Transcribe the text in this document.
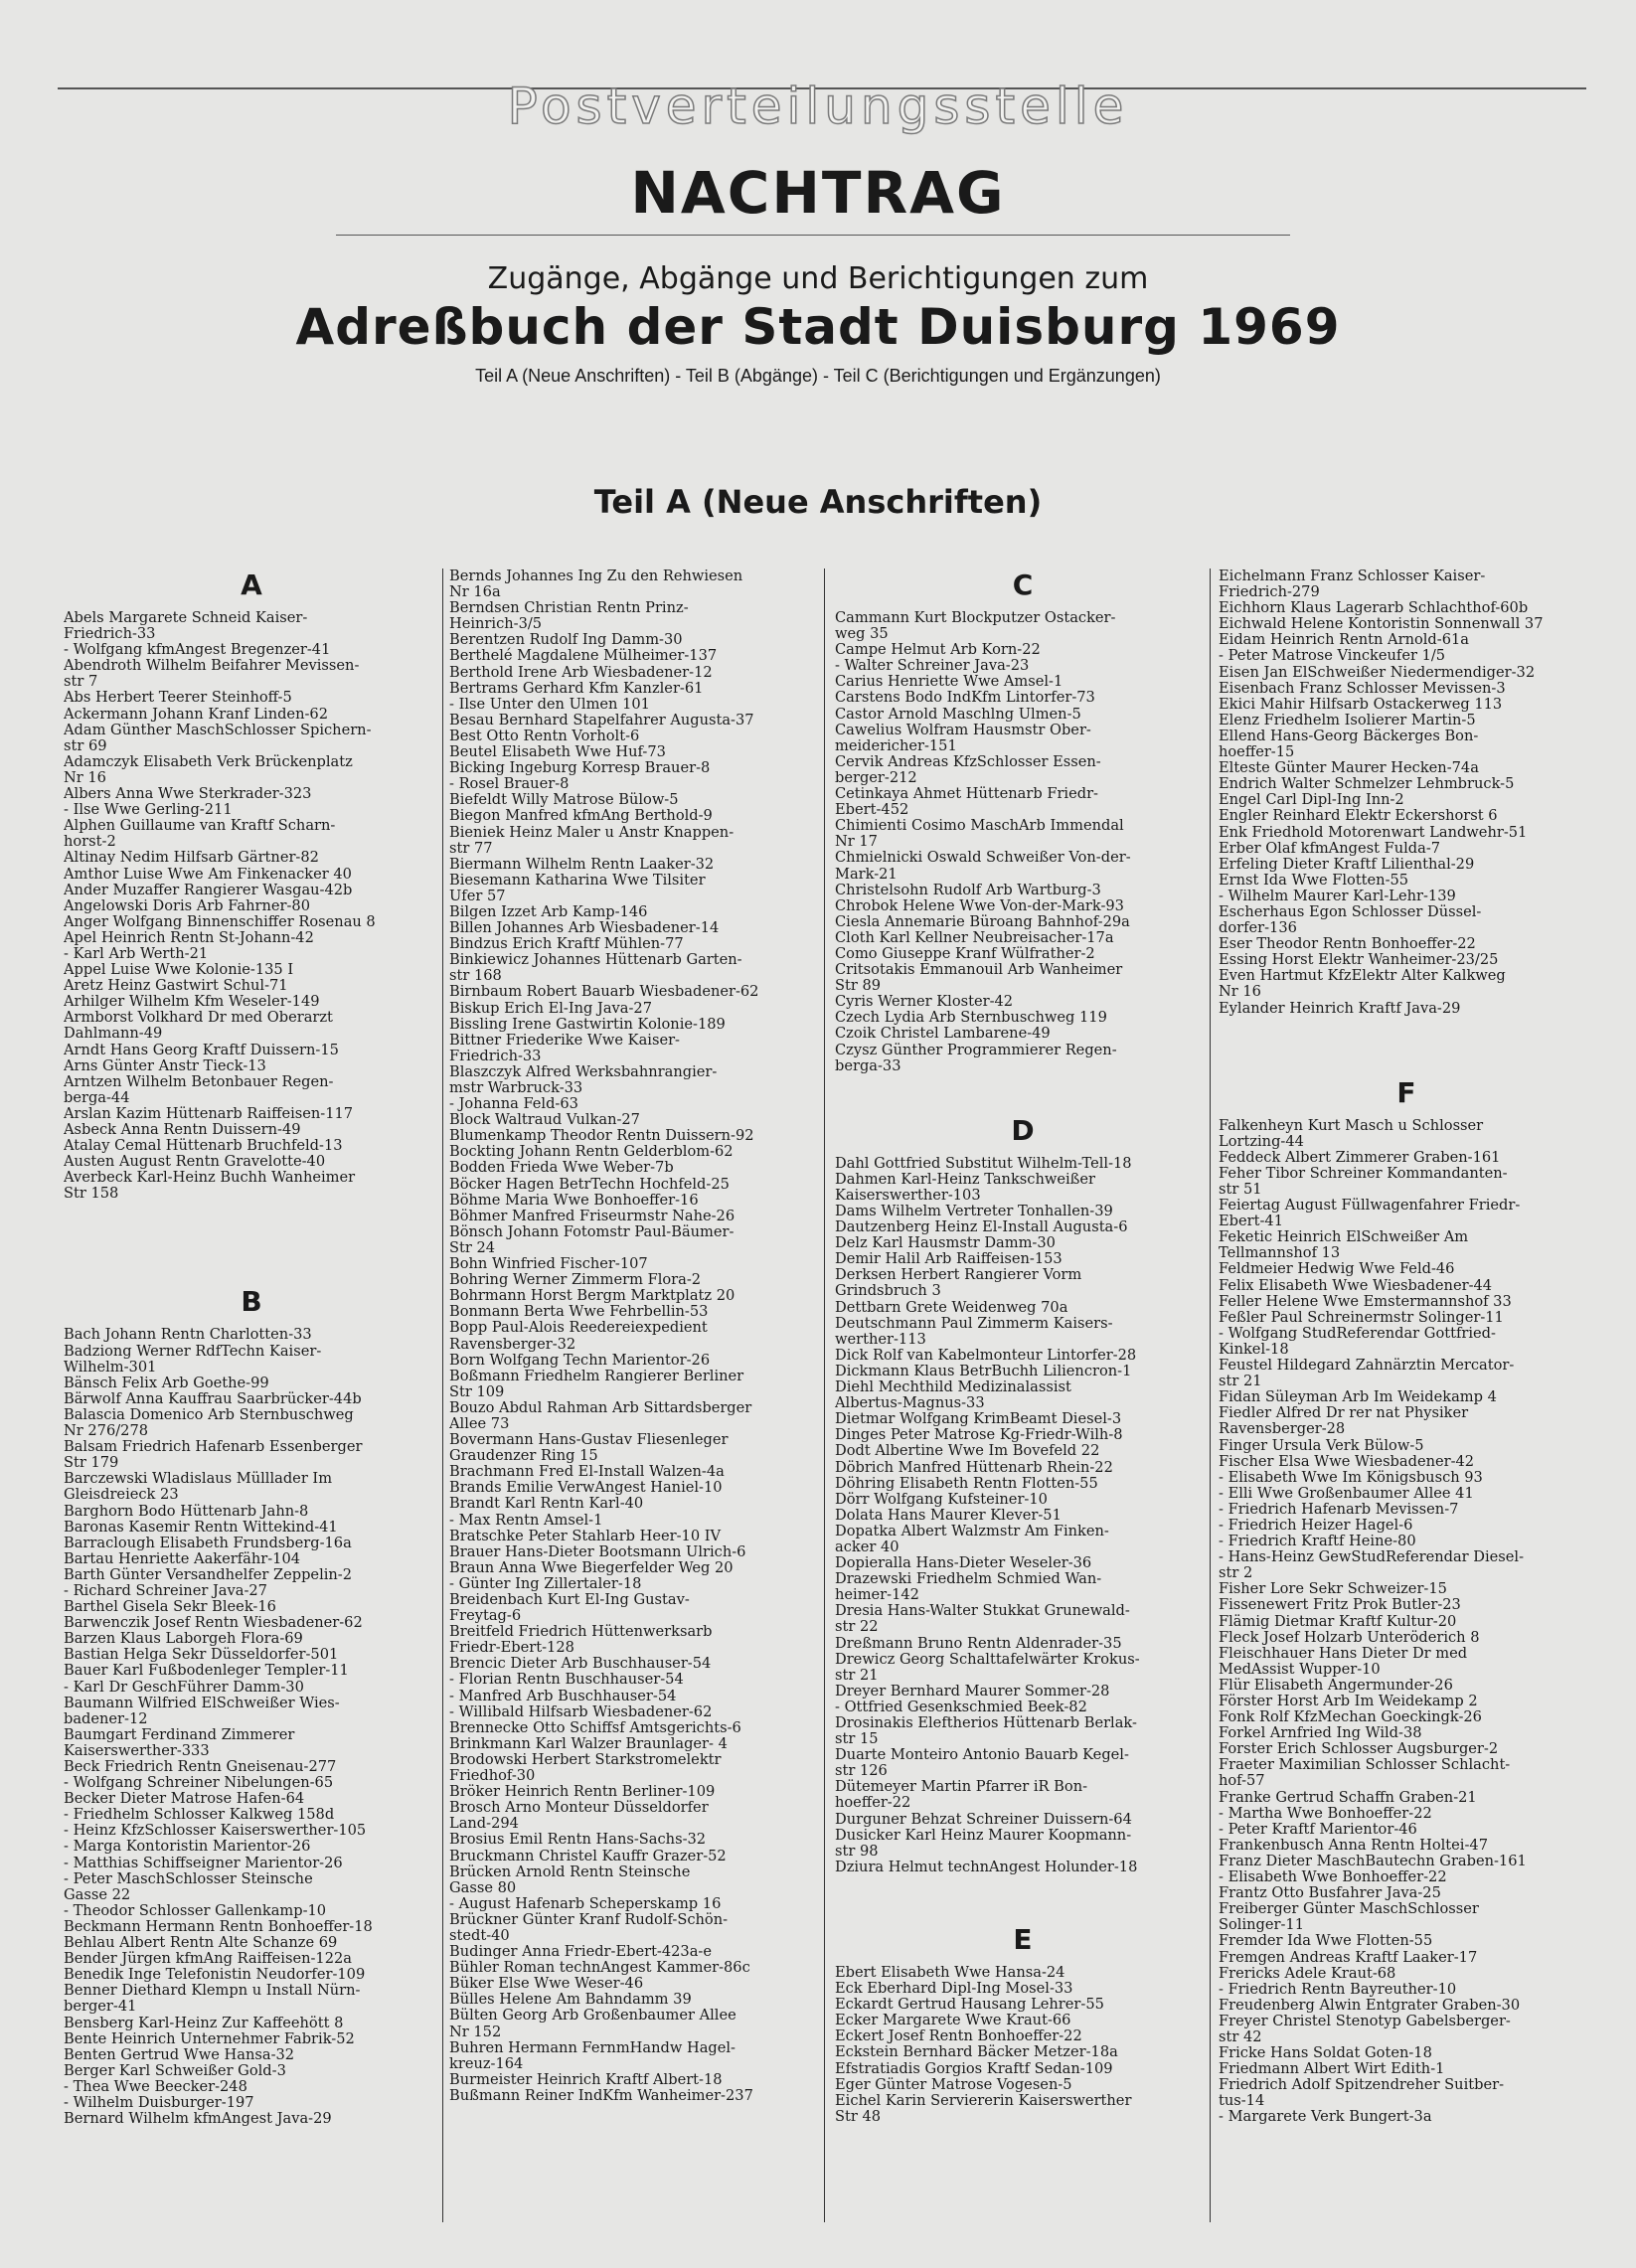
Postverteilungsstelle
NACHTRAG
Zugänge, Abgänge und Berichtigungen zum
Adreßbuch der Stadt Duisburg 1969
Teil A (Neue Anschriften) - Teil B (Abgänge) - Teil C (Berichtigungen und Ergänzungen)
Teil A (Neue Anschriften)
A
Abels Margarete Schneid Kaiser-
Friedrich-33
- Wolfgang kfmAngest Bregenzer-41
Abendroth Wilhelm Beifahrer Mevissen-
str 7
Abs Herbert Teerer Steinhoff-5
Ackermann Johann Kranf Linden-62
Adam Günther MaschSchlosser Spichern-
str 69
Adamczyk Elisabeth Verk Brückenplatz
Nr 16
Albers Anna Wwe Sterkrader-323
- Ilse Wwe Gerling-211
Alphen Guillaume van Kraftf Scharn-
horst-2
Altinay Nedim Hilfsarb Gärtner-82
Amthor Luise Wwe Am Finkenacker 40
Ander Muzaffer Rangierer Wasgau-42b
Angelowski Doris Arb Fahrner-80
Anger Wolfgang Binnenschiffer Rosenau 8
Apel Heinrich Rentn St-Johann-42
- Karl Arb Werth-21
Appel Luise Wwe Kolonie-135 I
Aretz Heinz Gastwirt Schul-71
Arhilger Wilhelm Kfm Weseler-149
Armborst Volkhard Dr med Oberarzt
Dahlmann-49
Arndt Hans Georg Kraftf Duissern-15
Arns Günter Anstr Tieck-13
Arntzen Wilhelm Betonbauer Regen-
berga-44
Arslan Kazim Hüttenarb Raiffeisen-117
Asbeck Anna Rentn Duissern-49
Atalay Cemal Hüttenarb Bruchfeld-13
Austen August Rentn Gravelotte-40
Averbeck Karl-Heinz Buchh Wanheimer
Str 158
B
Bach Johann Rentn Charlotten-33
Badziong Werner RdfTechn Kaiser-
Wilhelm-301
Bänsch Felix Arb Goethe-99
Bärwolf Anna Kauffrau Saarbrücker-44b
Balascia Domenico Arb Sternbuschweg
Nr 276/278
Balsam Friedrich Hafenarb Essenberger
Str 179
Barczewski Wladislaus Mülllader Im
Gleisdreieck 23
Barghorn Bodo Hüttenarb Jahn-8
Baronas Kasemir Rentn Wittekind-41
Barraclough Elisabeth Frundsberg-16a
Bartau Henriette Aakerfähr-104
Barth Günter Versandhelfer Zeppelin-2
- Richard Schreiner Java-27
Barthel Gisela Sekr Bleek-16
Barwenczik Josef Rentn Wiesbadener-62
Barzen Klaus Laborgeh Flora-69
Bastian Helga Sekr Düsseldorfer-501
Bauer Karl Fußbodenleger Templer-11
- Karl Dr GeschFührer Damm-30
Baumann Wilfried ElSchweißer Wies-
badener-12
Baumgart Ferdinand Zimmerer
Kaiserswerther-333
Beck Friedrich Rentn Gneisenau-277
- Wolfgang Schreiner Nibelungen-65
Becker Dieter Matrose Hafen-64
- Friedhelm Schlosser Kalkweg 158d
- Heinz KfzSchlosser Kaiserswerther-105
- Marga Kontoristin Marientor-26
- Matthias Schiffseigner Marientor-26
- Peter MaschSchlosser Steinsche
Gasse 22
- Theodor Schlosser Gallenkamp-10
Beckmann Hermann Rentn Bonhoeffer-18
Behlau Albert Rentn Alte Schanze 69
Bender Jürgen kfmAng Raiffeisen-122a
Benedik Inge Telefonistin Neudorfer-109
Benner Diethard Klempn u Install Nürn-
berger-41
Bensberg Karl-Heinz Zur Kaffeehött 8
Bente Heinrich Unternehmer Fabrik-52
Benten Gertrud Wwe Hansa-32
Berger Karl Schweißer Gold-3
- Thea Wwe Beecker-248
- Wilhelm Duisburger-197
Bernard Wilhelm kfmAngest Java-29
Bernds Johannes Ing Zu den Rehwiesen
Nr 16a
Berndsen Christian Rentn Prinz-
Heinrich-3/5
Berentzen Rudolf Ing Damm-30
Berthelé Magdalene Mülheimer-137
Berthold Irene Arb Wiesbadener-12
Bertrams Gerhard Kfm Kanzler-61
- Ilse Unter den Ulmen 101
Besau Bernhard Stapelfahrer Augusta-37
Best Otto Rentn Vorholt-6
Beutel Elisabeth Wwe Huf-73
Bicking Ingeburg Korresp Brauer-8
- Rosel Brauer-8
Biefeldt Willy Matrose Bülow-5
Biegon Manfred kfmAng Berthold-9
Bieniek Heinz Maler u Anstr Knappen-
str 77
Biermann Wilhelm Rentn Laaker-32
Biesemann Katharina Wwe Tilsiter
Ufer 57
Bilgen Izzet Arb Kamp-146
Billen Johannes Arb Wiesbadener-14
Bindzus Erich Kraftf Mühlen-77
Binkiewicz Johannes Hüttenarb Garten-
str 168
Birnbaum Robert Bauarb Wiesbadener-62
Biskup Erich El-Ing Java-27
Bissling Irene Gastwirtin Kolonie-189
Bittner Friederike Wwe Kaiser-
Friedrich-33
Blaszczyk Alfred Werksbahnrangier-
mstr Warbruck-33
- Johanna Feld-63
Block Waltraud Vulkan-27
Blumenkamp Theodor Rentn Duissern-92
Bockting Johann Rentn Gelderblom-62
Bodden Frieda Wwe Weber-7b
Böcker Hagen BetrTechn Hochfeld-25
Böhme Maria Wwe Bonhoeffer-16
Böhmer Manfred Friseurmstr Nahe-26
Bönsch Johann Fotomstr Paul-Bäumer-
Str 24
Bohn Winfried Fischer-107
Bohring Werner Zimmerm Flora-2
Bohrmann Horst Bergm Marktplatz 20
Bonmann Berta Wwe Fehrbellin-53
Bopp Paul-Alois Reedereiexpedient
Ravensberger-32
Born Wolfgang Techn Marientor-26
Boßmann Friedhelm Rangierer Berliner
Str 109
Bouzo Abdul Rahman Arb Sittardsberger
Allee 73
Bovermann Hans-Gustav Fliesenleger
Graudenzer Ring 15
Brachmann Fred El-Install Walzen-4a
Brands Emilie VerwAngest Haniel-10
Brandt Karl Rentn Karl-40
- Max Rentn Amsel-1
Bratschke Peter Stahlarb Heer-10 IV
Brauer Hans-Dieter Bootsmann Ulrich-6
Braun Anna Wwe Biegerfelder Weg 20
- Günter Ing Zillertaler-18
Breidenbach Kurt El-Ing Gustav-
Freytag-6
Breitfeld Friedrich Hüttenwerksarb
Friedr-Ebert-128
Brencic Dieter Arb Buschhauser-54
- Florian Rentn Buschhauser-54
- Manfred Arb Buschhauser-54
- Willibald Hilfsarb Wiesbadener-62
Brennecke Otto Schiffsf Amtsgerichts-6
Brinkmann Karl Walzer Braunlager- 4
Brodowski Herbert Starkstromelektr
Friedhof-30
Bröker Heinrich Rentn Berliner-109
Brosch Arno Monteur Düsseldorfer
Land-294
Brosius Emil Rentn Hans-Sachs-32
Bruckmann Christel Kauffr Grazer-52
Brücken Arnold Rentn Steinsche
Gasse 80
- August Hafenarb Scheperskamp 16
Brückner Günter Kranf Rudolf-Schön-
stedt-40
Budinger Anna Friedr-Ebert-423a-e
Bühler Roman technAngest Kammer-86c
Büker Else Wwe Weser-46
Bülles Helene Am Bahndamm 39
Bülten Georg Arb Großenbaumer Allee
Nr 152
Buhren Hermann FernmHandw Hagel-
kreuz-164
Burmeister Heinrich Kraftf Albert-18
Bußmann Reiner IndKfm Wanheimer-237
C
Cammann Kurt Blockputzer Ostacker-
weg 35
Campe Helmut Arb Korn-22
- Walter Schreiner Java-23
Carius Henriette Wwe Amsel-1
Carstens Bodo IndKfm Lintorfer-73
Castor Arnold Maschlng Ulmen-5
Cawelius Wolfram Hausmstr Ober-
meidericher-151
Cervik Andreas KfzSchlosser Essen-
berger-212
Cetinkaya Ahmet Hüttenarb Friedr-
Ebert-452
Chimienti Cosimo MaschArb Immendal
Nr 17
Chmielnicki Oswald Schweißer Von-der-
Mark-21
Christelsohn Rudolf Arb Wartburg-3
Chrobok Helene Wwe Von-der-Mark-93
Ciesla Annemarie Büroang Bahnhof-29a
Cloth Karl Kellner Neubreisacher-17a
Como Giuseppe Kranf Wülfrather-2
Critsotakis Emmanouil Arb Wanheimer
Str 89
Cyris Werner Kloster-42
Czech Lydia Arb Sternbuschweg 119
Czoik Christel Lambarene-49
Czysz Günther Programmierer Regen-
berga-33
D
Dahl Gottfried Substitut Wilhelm-Tell-18
Dahmen Karl-Heinz Tankschweißer
Kaiserswerther-103
Dams Wilhelm Vertreter Tonhallen-39
Dautzenberg Heinz El-Install Augusta-6
Delz Karl Hausmstr Damm-30
Demir Halil Arb Raiffeisen-153
Derksen Herbert Rangierer Vorm
Grindsbruch 3
Dettbarn Grete Weidenweg 70a
Deutschmann Paul Zimmerm Kaisers-
werther-113
Dick Rolf van Kabelmonteur Lintorfer-28
Dickmann Klaus BetrBuchh Liliencron-1
Diehl Mechthild Medizinalassist
Albertus-Magnus-33
Dietmar Wolfgang KrimBeamt Diesel-3
Dinges Peter Matrose Kg-Friedr-Wilh-8
Dodt Albertine Wwe Im Bovefeld 22
Döbrich Manfred Hüttenarb Rhein-22
Döhring Elisabeth Rentn Flotten-55
Dörr Wolfgang Kufsteiner-10
Dolata Hans Maurer Klever-51
Dopatka Albert Walzmstr Am Finken-
acker 40
Dopieralla Hans-Dieter Weseler-36
Drazewski Friedhelm Schmied Wan-
heimer-142
Dresia Hans-Walter Stukkat Grunewald-
str 22
Dreßmann Bruno Rentn Aldenrader-35
Drewicz Georg Schalttafelwärter Krokus-
str 21
Dreyer Bernhard Maurer Sommer-28
- Ottfried Gesenkschmied Beek-82
Drosinakis Eleftherios Hüttenarb Berlak-
str 15
Duarte Monteiro Antonio Bauarb Kegel-
str 126
Dütemeyer Martin Pfarrer iR Bon-
hoeffer-22
Durguner Behzat Schreiner Duissern-64
Dusicker Karl Heinz Maurer Koopmann-
str 98
Dziura Helmut technAngest Holunder-18
E
Ebert Elisabeth Wwe Hansa-24
Eck Eberhard Dipl-Ing Mosel-33
Eckardt Gertrud Hausang Lehrer-55
Ecker Margarete Wwe Kraut-66
Eckert Josef Rentn Bonhoeffer-22
Eckstein Bernhard Bäcker Metzer-18a
Efstratiadis Gorgios Kraftf Sedan-109
Eger Günter Matrose Vogesen-5
Eichel Karin Serviererin Kaiserswerther
Str 48
Eichelmann Franz Schlosser Kaiser-
Friedrich-279
Eichhorn Klaus Lagerarb Schlachthof-60b
Eichwald Helene Kontoristin Sonnenwall 37
Eidam Heinrich Rentn Arnold-61a
- Peter Matrose Vinckeufer 1/5
Eisen Jan ElSchweißer Niedermendiger-32
Eisenbach Franz Schlosser Mevissen-3
Ekici Mahir Hilfsarb Ostackerweg 113
Elenz Friedhelm Isolierer Martin-5
Ellend Hans-Georg Bäckerges Bon-
hoeffer-15
Elteste Günter Maurer Hecken-74a
Endrich Walter Schmelzer Lehmbruck-5
Engel Carl Dipl-Ing Inn-2
Engler Reinhard Elektr Eckershorst 6
Enk Friedhold Motorenwart Landwehr-51
Erber Olaf kfmAngest Fulda-7
Erfeling Dieter Kraftf Lilienthal-29
Ernst Ida Wwe Flotten-55
- Wilhelm Maurer Karl-Lehr-139
Escherhaus Egon Schlosser Düssel-
dorfer-136
Eser Theodor Rentn Bonhoeffer-22
Essing Horst Elektr Wanheimer-23/25
Even Hartmut KfzElektr Alter Kalkweg
Nr 16
Eylander Heinrich Kraftf Java-29
F
Falkenheyn Kurt Masch u Schlosser
Lortzing-44
Feddeck Albert Zimmerer Graben-161
Feher Tibor Schreiner Kommandanten-
str 51
Feiertag August Füllwagenfahrer Friedr-
Ebert-41
Feketic Heinrich ElSchweißer Am
Tellmannshof 13
Feldmeier Hedwig Wwe Feld-46
Felix Elisabeth Wwe Wiesbadener-44
Feller Helene Wwe Emstermannshof 33
Feßler Paul Schreinermstr Solinger-11
- Wolfgang StudReferendar Gottfried-
Kinkel-18
Feustel Hildegard Zahnärztin Mercator-
str 21
Fidan Süleyman Arb Im Weidekamp 4
Fiedler Alfred Dr rer nat Physiker
Ravensberger-28
Finger Ursula Verk Bülow-5
Fischer Elsa Wwe Wiesbadener-42
- Elisabeth Wwe Im Königsbusch 93
- Elli Wwe Großenbaumer Allee 41
- Friedrich Hafenarb Mevissen-7
- Friedrich Heizer Hagel-6
- Friedrich Kraftf Heine-80
- Hans-Heinz GewStudReferendar Diesel-
str 2
Fisher Lore Sekr Schweizer-15
Fissenewert Fritz Prok Butler-23
Flämig Dietmar Kraftf Kultur-20
Fleck Josef Holzarb Unteröderich 8
Fleischhauer Hans Dieter Dr med
MedAssist Wupper-10
Flür Elisabeth Angermunder-26
Förster Horst Arb Im Weidekamp 2
Fonk Rolf KfzMechan Goeckingk-26
Forkel Arnfried Ing Wild-38
Forster Erich Schlosser Augsburger-2
Fraeter Maximilian Schlosser Schlacht-
hof-57
Franke Gertrud Schaffn Graben-21
- Martha Wwe Bonhoeffer-22
- Peter Kraftf Marientor-46
Frankenbusch Anna Rentn Holtei-47
Franz Dieter MaschBautechn Graben-161
- Elisabeth Wwe Bonhoeffer-22
Frantz Otto Busfahrer Java-25
Freiberger Günter MaschSchlosser
Solinger-11
Fremder Ida Wwe Flotten-55
Fremgen Andreas Kraftf Laaker-17
Frericks Adele Kraut-68
- Friedrich Rentn Bayreuther-10
Freudenberg Alwin Entgrater Graben-30
Freyer Christel Stenotyp Gabelsberger-
str 42
Fricke Hans Soldat Goten-18
Friedmann Albert Wirt Edith-1
Friedrich Adolf Spitzendreher Suitber-
tus-14
- Margarete Verk Bungert-3a
